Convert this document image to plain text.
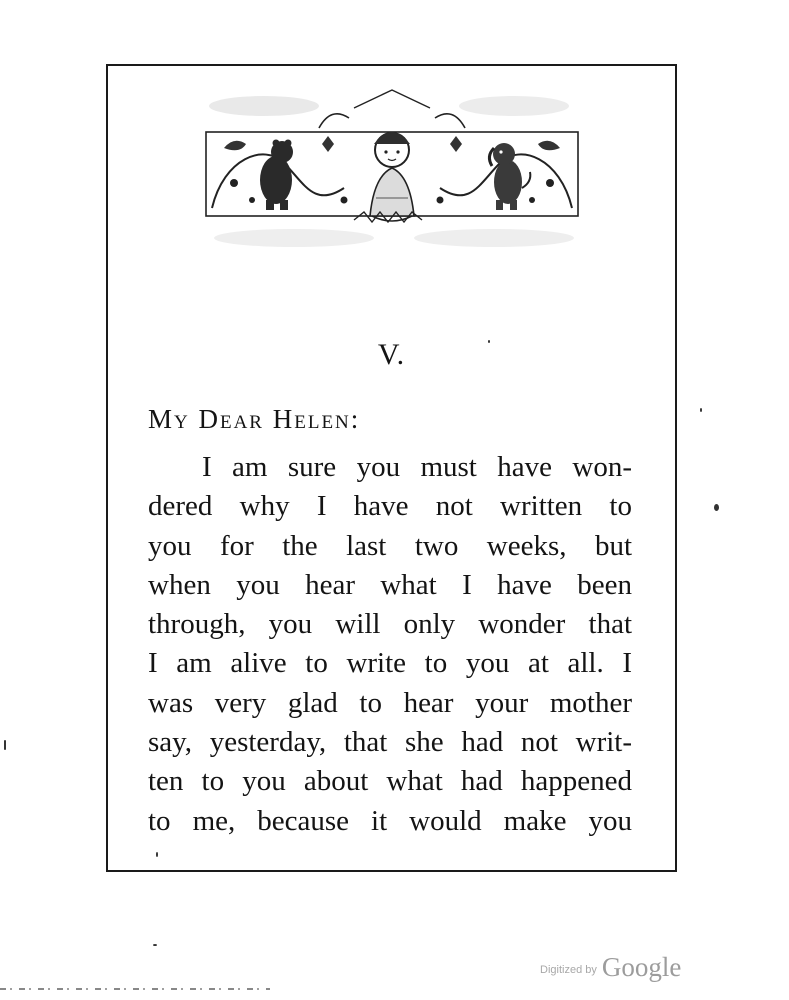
V.
My Dear Helen:
I am sure you must have won-
dered why I have not written to
you for the last two weeks, but
when you hear what I have been
through, you will only wonder that
I am alive to write to you at all. I
was very glad to hear your mother
say, yesterday, that she had not writ-
ten to you about what had happened
to me, because it would make you
Digitized by Google
